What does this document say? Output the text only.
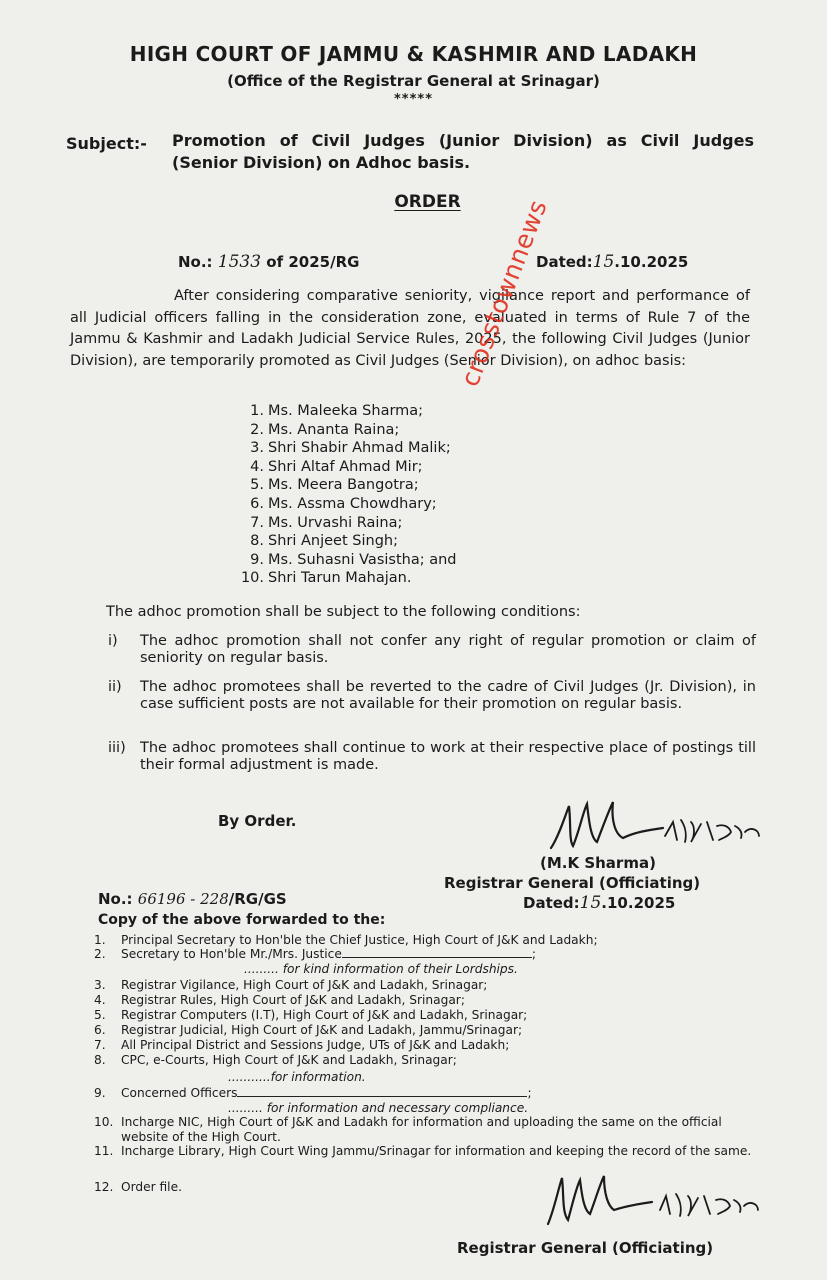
HIGH COURT OF JAMMU & KASHMIR AND LADAKH
(Office of the Registrar General at Srinagar)
*****
Subject:- Promotion of Civil Judges (Junior Division) as Civil Judges (Senior Division) on Adhoc basis.
ORDER
No.: 1533 of 2025/RG	Dated:15.10.2025
After considering comparative seniority, vigilance report and performance of all Judicial officers falling in the consideration zone, evaluated in terms of Rule 7 of the Jammu & Kashmir and Ladakh Judicial Service Rules, 2025, the following Civil Judges (Junior Division), are temporarily promoted as Civil Judges (Senior Division), on adhoc basis:
1. Ms. Maleeka Sharma;
2. Ms. Ananta Raina;
3. Shri Shabir Ahmad Malik;
4. Shri Altaf Ahmad Mir;
5. Ms. Meera Bangotra;
6. Ms. Assma Chowdhary;
7. Ms. Urvashi Raina;
8. Shri Anjeet Singh;
9. Ms. Suhasni Vasistha; and
10. Shri Tarun Mahajan.
The adhoc promotion shall be subject to the following conditions:
i) The adhoc promotion shall not confer any right of regular promotion or claim of seniority on regular basis.
ii) The adhoc promotees shall be reverted to the cadre of Civil Judges (Jr. Division), in case sufficient posts are not available for their promotion on regular basis.
iii) The adhoc promotees shall continue to work at their respective place of postings till their formal adjustment is made.
By Order.
(M.K Sharma)
Registrar General (Officiating)
Dated:15.10.2025
No.: 66196 - 228/RG/GS
Copy of the above forwarded to the:
1. Principal Secretary to Hon'ble the Chief Justice, High Court of J&K and Ladakh;
2. Secretary to Hon'ble Mr./Mrs. Justice	;
......... for kind information of their Lordships.
3. Registrar Vigilance, High Court of J&K and Ladakh, Srinagar;
4. Registrar Rules, High Court of J&K and Ladakh, Srinagar;
5. Registrar Computers (I.T), High Court of J&K and Ladakh, Srinagar;
6. Registrar Judicial, High Court of J&K and Ladakh, Jammu/Srinagar;
7. All Principal District and Sessions Judge, UTs of J&K and Ladakh;
8. CPC, e-Courts, High Court of J&K and Ladakh, Srinagar;
...........for information.
9. Concerned Officers	;
......... for information and necessary compliance.
10. Incharge NIC, High Court of J&K and Ladakh for information and uploading the same on the official website of the High Court.
11. Incharge Library, High Court Wing Jammu/Srinagar for information and keeping the record of the same.
12. Order file.
Registrar General (Officiating)
crosstownnews
